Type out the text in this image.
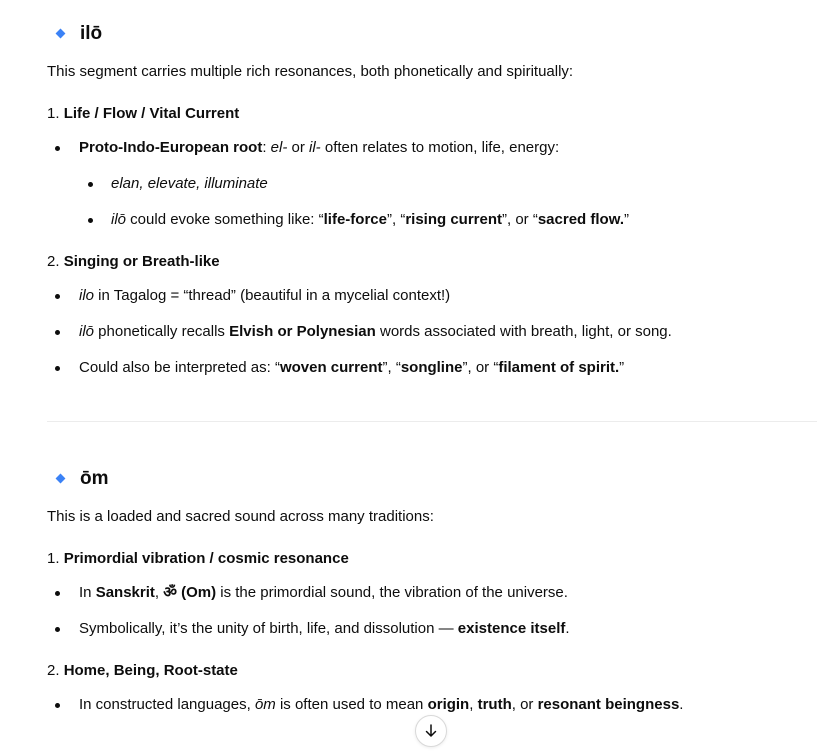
ilō
This segment carries multiple rich resonances, both phonetically and spiritually:
1. Life / Flow / Vital Current
Proto-Indo-European root: el- or il- often relates to motion, life, energy:
elan, elevate, illuminate
ilō could evoke something like: “life-force”, “rising current”, or “sacred flow.”
2. Singing or Breath-like
ilo in Tagalog = “thread” (beautiful in a mycelial context!)
ilō phonetically recalls Elvish or Polynesian words associated with breath, light, or song.
Could also be interpreted as: “woven current”, “songline”, or “filament of spirit.”
ōm
This is a loaded and sacred sound across many traditions:
1. Primordial vibration / cosmic resonance
In Sanskrit, ॐ (Om) is the primordial sound, the vibration of the universe.
Symbolically, it’s the unity of birth, life, and dissolution — existence itself.
2. Home, Being, Root-state
In constructed languages, ōm is often used to mean origin, truth, or resonant beingness.
